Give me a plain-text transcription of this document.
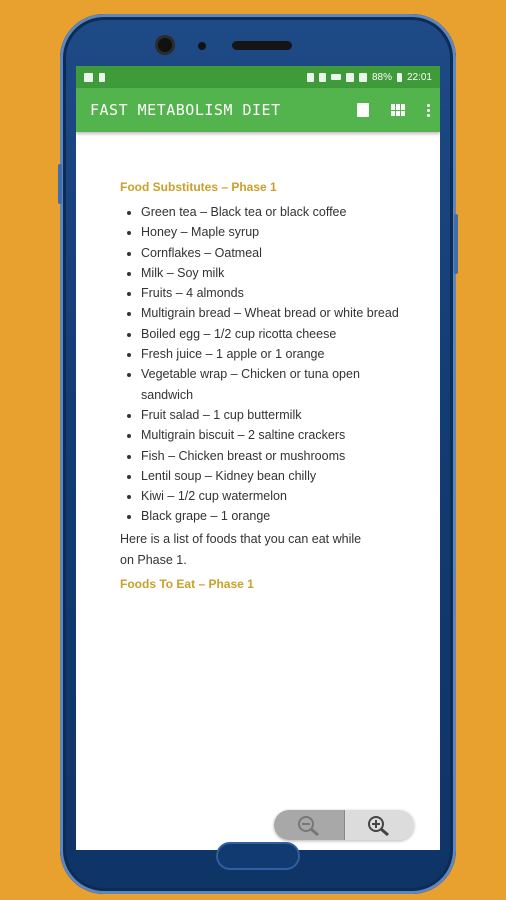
88% 22:01
FAST METABOLISM DIET
Food Substitutes – Phase 1
• Green tea – Black tea or black coffee
• Honey – Maple syrup
• Cornflakes – Oatmeal
• Milk – Soy milk
• Fruits – 4 almonds
• Multigrain bread – Wheat bread or white bread
• Boiled egg – 1/2 cup ricotta cheese
• Fresh juice – 1 apple or 1 orange
• Vegetable wrap – Chicken or tuna open sandwich
• Fruit salad – 1 cup buttermilk
• Multigrain biscuit – 2 saltine crackers
• Fish – Chicken breast or mushrooms
• Lentil soup – Kidney bean chilly
• Kiwi – 1/2 cup watermelon
• Black grape – 1 orange
Here is a list of foods that you can eat while on Phase 1.
Foods To Eat – Phase 1
